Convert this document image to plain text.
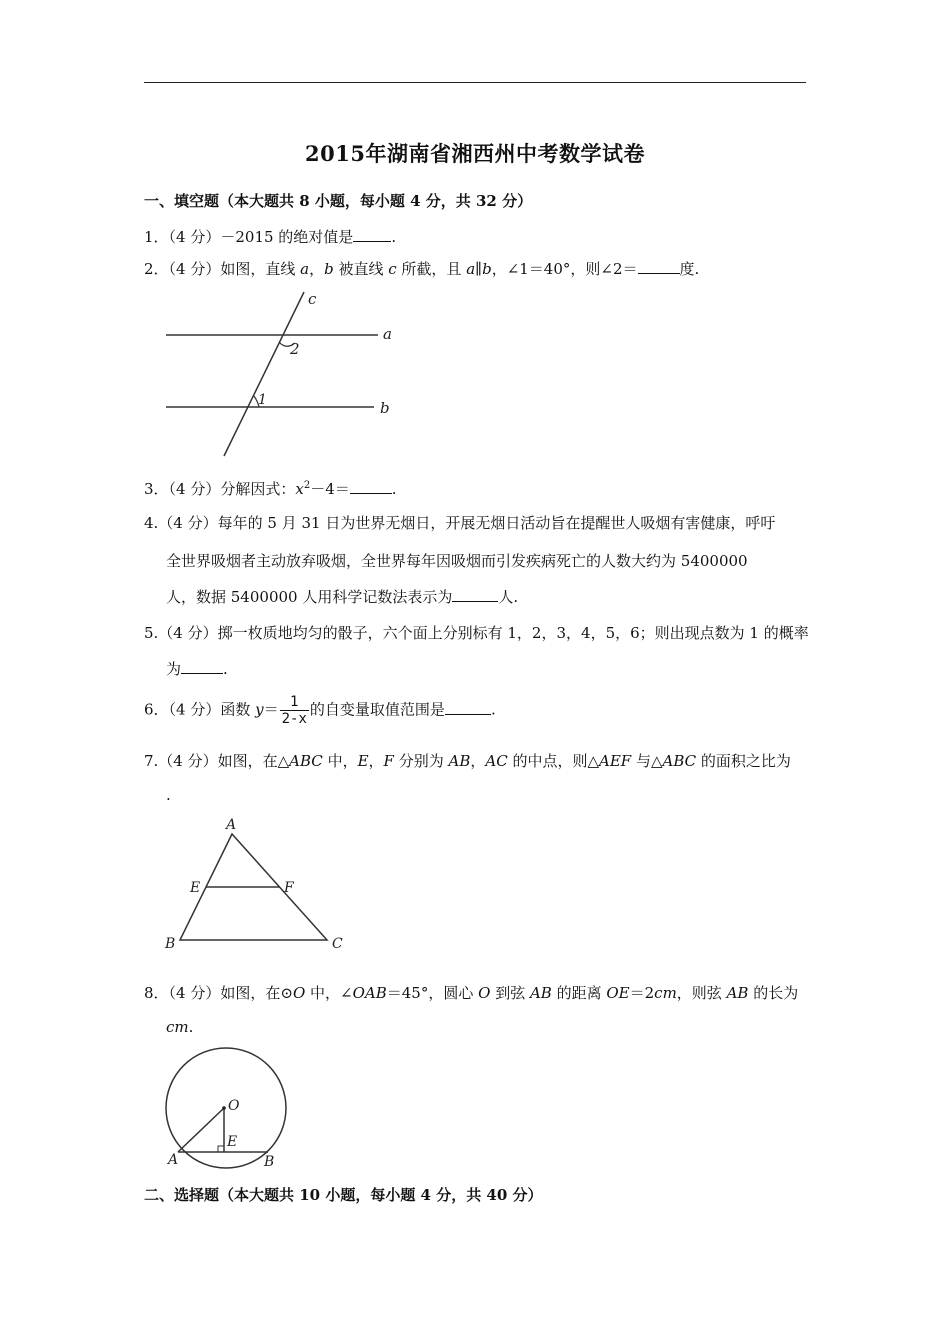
2015年湖南省湘西州中考数学试卷
一、填空题（本大题共 8 小题，每小题 4 分，共 32 分）
1．（4 分）－2015 的绝对值是	.
2．（4 分）如图，直线 a，b 被直线 c 所截，且 a∥b，∠1＝40°，则∠2＝	度.
c
a
b
2
1
3．（4 分）分解因式：$x^2-4=$	.
4.（4 分）每年的 5 月 31 日为世界无烟日，开展无烟日活动旨在提醒世人吸烟有害健康，呼吁
全世界吸烟者主动放弃吸烟，全世界每年因吸烟而引发疾病死亡的人数大约为 5400000
人，数据 5400000 人用科学记数法表示为	人.
5.（4 分）掷一枚质地均匀的骰子，六个面上分别标有 1，2，3，4，5，6；则出现点数为 1 的概率
为	.
6．（4 分）函数 $y= \frac{1}{2-x}$ 的自变量取值范围是	.
7.（4 分）如图，在△ABC 中，E，F 分别为 AB，AC 的中点，则△AEF 与△ABC 的面积之比为
.
A
E	F
B	C
8．（4 分）如图，在⊙O 中，∠OAB＝45°，圆心 O 到弦 AB 的距离 OE＝2cm，则弦 AB 的长为
cm.
O
E
A	B
二、选择题（本大题共 10 小题，每小题 4 分，共 40 分）
